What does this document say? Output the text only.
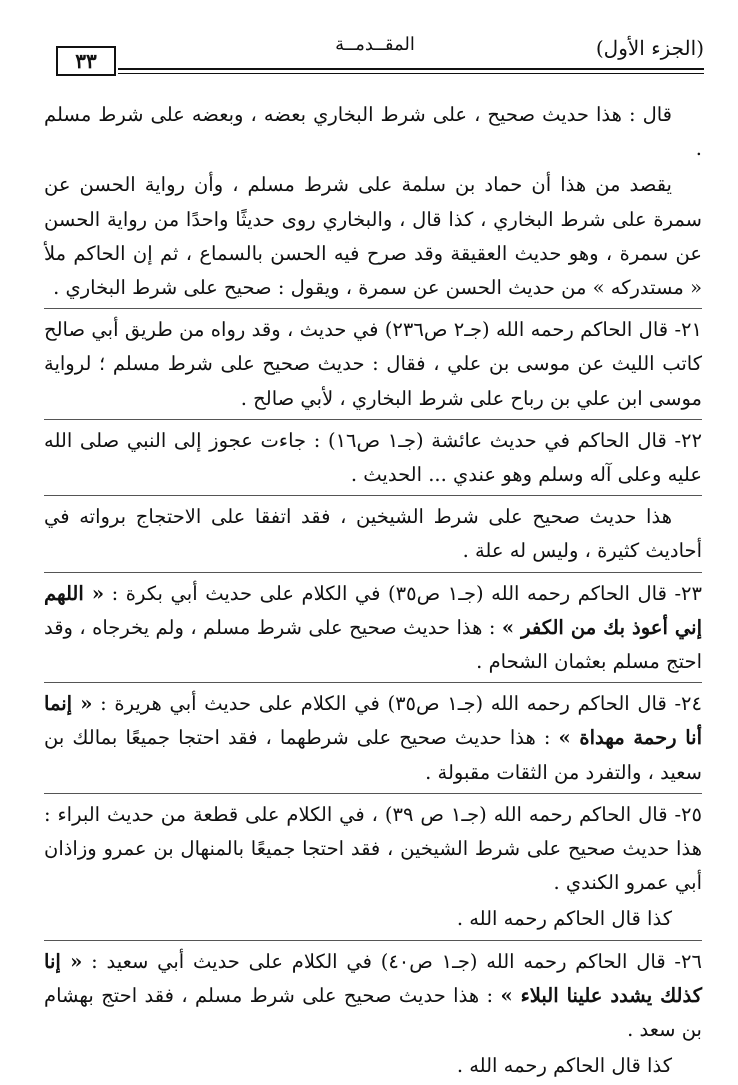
٣٣
المقــدمــة	(الجزء الأول)

قال : هذا حديث صحيح ، على شرط البخاري بعضه ، وبعضه على شرط مسلم .

يقصد من هذا أن حماد بن سلمة على شرط مسلم ، وأن رواية الحسن عن سمرة على شرط البخاري ، كذا قال ، والبخاري روى حديثًا واحدًا من رواية الحسن عن سمرة ، وهو حديث العقيقة وقد صرح فيه الحسن بالسماع ، ثم إن الحاكم ملأ « مستدركه » من حديث الحسن عن سمرة ، ويقول : صحيح على شرط البخاري .

٢١- قال الحاكم رحمه الله (جـ٢ ص٢٣٦) في حديث ، وقد رواه من طريق أبي صالح كاتب الليث عن موسى بن علي ، فقال : حديث صحيح على شرط مسلم ؛ لرواية موسى ابن علي بن رباح على شرط البخاري ، لأبي صالح .

٢٢- قال الحاكم في حديث عائشة (جـ١ ص١٦) : جاءت عجوز إلى النبي صلى الله عليه وعلى آله وسلم وهو عندي ... الحديث .

هذا حديث صحيح على شرط الشيخين ، فقد اتفقا على الاحتجاج برواته في أحاديث كثيرة ، وليس له علة .

٢٣- قال الحاكم رحمه الله (جـ١ ص٣٥) في الكلام على حديث أبي بكرة : « اللهم إني أعوذ بك من الكفر » : هذا حديث صحيح على شرط مسلم ، ولم يخرجاه ، وقد احتج مسلم بعثمان الشحام .

٢٤- قال الحاكم رحمه الله (جـ١ ص٣٥) في الكلام على حديث أبي هريرة : « إنما أنا رحمة مهداة » : هذا حديث صحيح على شرطهما ، فقد احتجا جميعًا بمالك بن سعيد ، والتفرد من الثقات مقبولة .

٢٥- قال الحاكم رحمه الله (جـ١ ص ٣٩) ، في الكلام على قطعة من حديث البراء : هذا حديث صحيح على شرط الشيخين ، فقد احتجا جميعًا بالمنهال بن عمرو وزاذان أبي عمرو الكندي .

كذا قال الحاكم رحمه الله .

٢٦- قال الحاكم رحمه الله (جـ١ ص٤٠) في الكلام على حديث أبي سعيد : « إنا كذلك يشدد علينا البلاء » : هذا حديث صحيح على شرط مسلم ، فقد احتج بهشام بن سعد .

كذا قال الحاكم رحمه الله .
